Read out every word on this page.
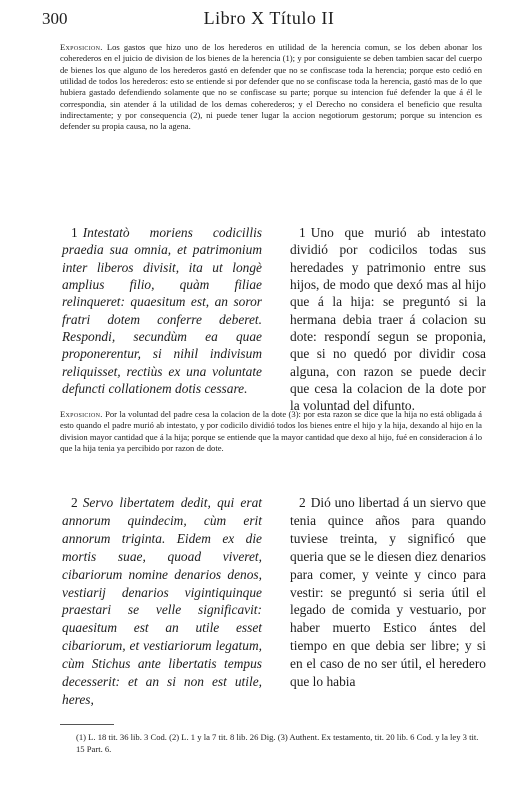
300	Libro X Título II

Exposicion. Los gastos que hizo uno de los herederos en utilidad de la herencia comun, se los deben abonar los coherederos en el juicio de division de los bienes de la herencia (1); y por consiguiente se deben tambien sacar del cuerpo de bienes los que alguno de los herederos gastó en defender que no se confiscase toda la herencia; porque esto cedió en utilidad de todos los herederos: esto se entiende si por defender que no se confiscase toda la herencia, gastó mas de lo que hubiera gastado defendiendo solamente que no se confiscase su parte; porque su intencion fué defender la que á él le correspondia, sin atender á la utilidad de los demas coherederos; y el Derecho no considera el beneficio que resulta indirectamente; y por consequencia (2), ni puede tener lugar la accion negotiorum gestorum; porque su intencion es defender su propia causa, no la agena.

1 Intestatò moriens codicillis praedia sua omnia, et patrimonium inter liberos divisit, ita ut longè amplius filio, quàm filiae relinqueret: quaesitum est, an soror fratri dotem conferre deberet. Respondi, secundùm ea quae proponerentur, si nihil indivisum reliquisset, rectiùs ex una voluntate defuncti collationem dotis cessare.

1 Uno que murió ab intestato dividió por codicilos todas sus heredades y patrimonio entre sus hijos, de modo que dexó mas al hijo que á la hija: se preguntó si la hermana debia traer á colacion su dote: respondí segun se proponia, que si no quedó por dividir cosa alguna, con razon se puede decir que cesa la colacion de la dote por la voluntad del difunto.

Exposicion. Por la voluntad del padre cesa la colacion de la dote (3): por esta razon se dice que la hija no está obligada á esto quando el padre murió ab intestato, y por codicilo dividió todos los bienes entre el hijo y la hija, dexando al hijo en la division mayor cantidad que á la hija; porque se entiende que la mayor cantidad que dexo al hijo, fué en consideracion á lo que la hija tenia ya percibido por razon de dote.

2 Servo libertatem dedit, qui erat annorum quindecim, cùm erit annorum triginta. Eidem ex die mortis suae, quoad viveret, cibariorum nomine denarios denos, vestiarij denarios vigintiquinque praestari se velle significavit: quaesitum est an utile esset cibariorum, et vestiariorum legatum, cùm Stichus ante libertatis tempus decesserit: et an si non est utile, heres,

2 Dió uno libertad á un siervo que tenia quince años para quando tuviese treinta, y significó que queria que se le diesen diez denarios para comer, y veinte y cinco para vestir: se preguntó si seria útil el legado de comida y vestuario, por haber muerto Estico ántes del tiempo en que debia ser libre; y si en el caso de no ser útil, el heredero que lo habia

(1) L. 18 tit. 36 lib. 3 Cod. (2) L. 1 y la 7 tit. 8 lib. 26 Dig. (3) Authent. Ex testamento, tit. 20 lib. 6 Cod. y la ley 3 tit. 15 Part. 6.
